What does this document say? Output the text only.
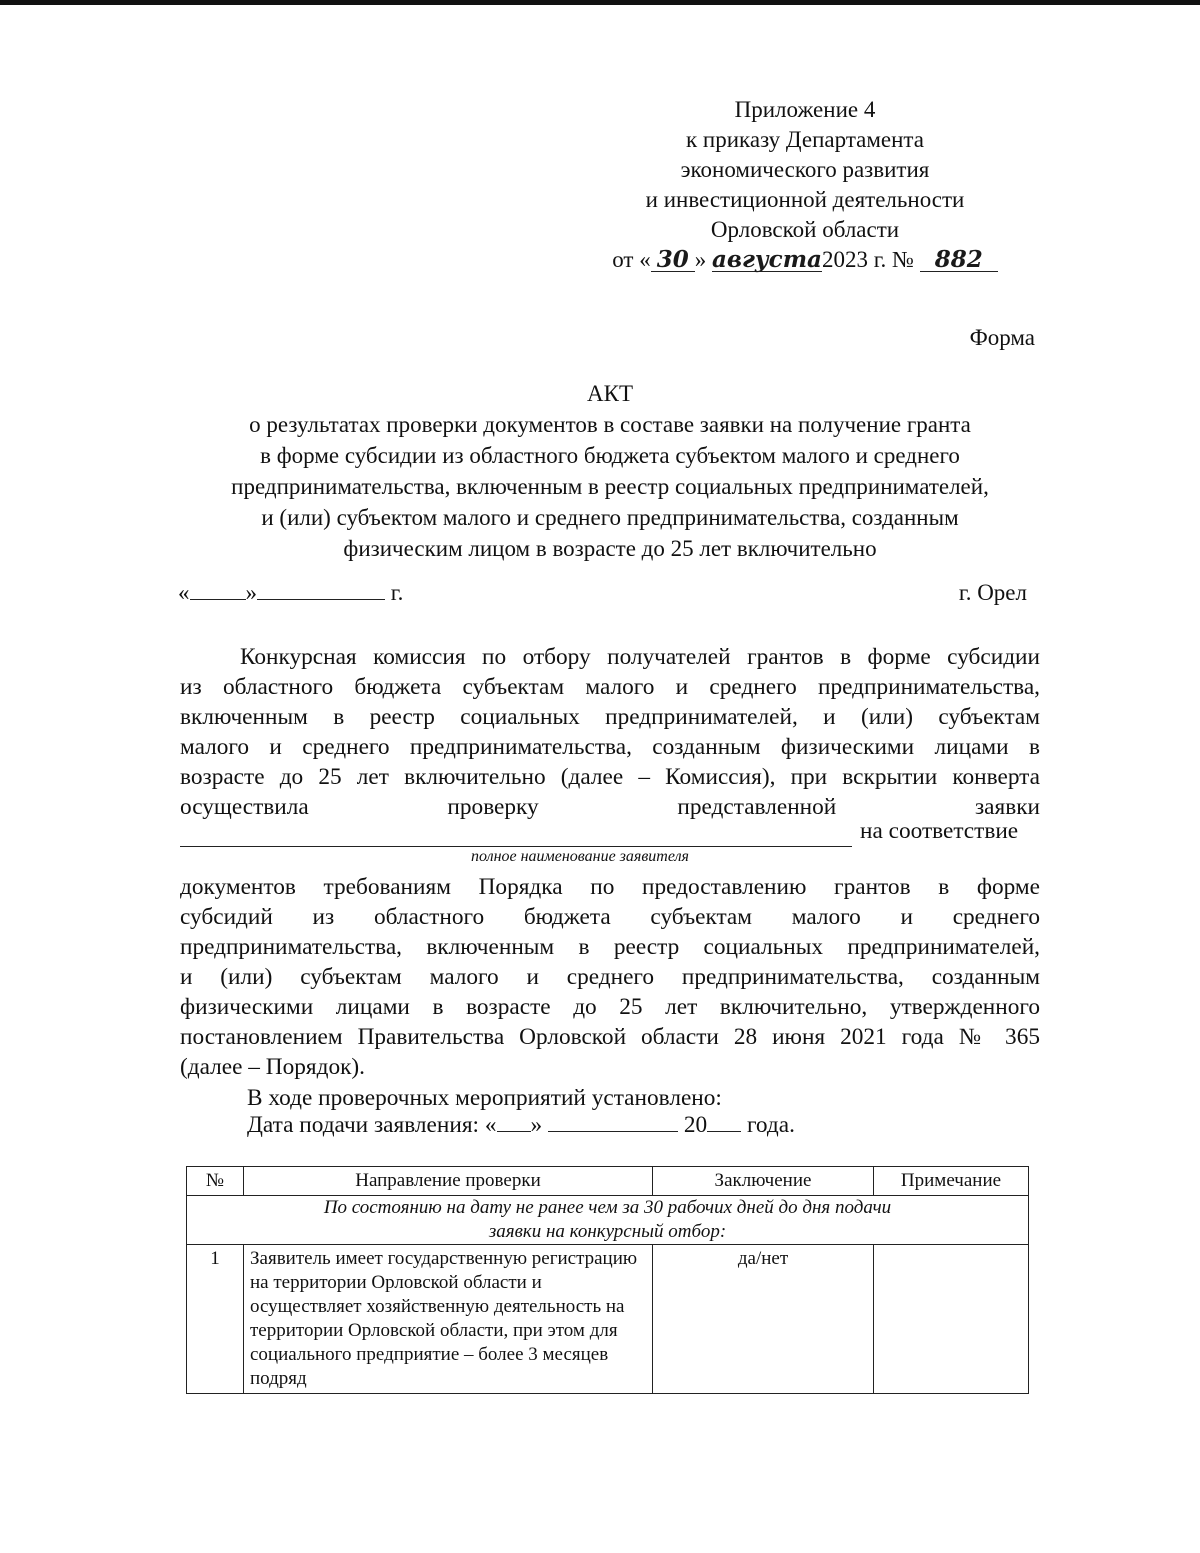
Приложение 4
к приказу Департамента
экономического развития
и инвестиционной деятельности
Орловской области
от « 30 » августа2023 г. № 882
Форма
АКТ
о результатах проверки документов в составе заявки на получение гранта
в форме субсидии из областного бюджета субъектом малого и среднего
предпринимательства, включенным в реестр социальных предпринимателей,
и (или) субъектом малого и среднего предпринимательства, созданным
физическим лицом в возрасте до 25 лет включительно
« »	г.	г. Орел
Конкурсная комиссия по отбору получателей грантов в форме субсидии
из областного бюджета субъектам малого и среднего предпринимательства,
включенным в реестр социальных предпринимателей, и (или) субъектам
малого и среднего предпринимательства, созданным физическими лицами в
возрасте до 25 лет включительно (далее – Комиссия), при вскрытии конверта
осуществила проверку представленной заявки
на соответствие
полное наименование заявителя
документов требованиям Порядка по предоставлению грантов в форме
субсидий из областного бюджета субъектам малого и среднего
предпринимательства, включенным в реестр социальных предпринимателей,
и (или) субъектам малого и среднего предпринимательства, созданным
физическими лицами в возрасте до 25 лет включительно, утвержденного
постановлением Правительства Орловской области 28 июня 2021 года № 365
(далее – Порядок).
В ходе проверочных мероприятий установлено:
Дата подачи заявления: « »	20 года.
№	Направление проверки	Заключение	Примечание
По состоянию на дату не ранее чем за 30 рабочих дней до дня подачи заявки на конкурсный отбор:			
1	Заявитель имеет государственную регистрацию на территории Орловской области и осуществляет хозяйственную деятельность на территории Орловской области, при этом для социального предприятие – более 3 месяцев подряд	да/нет	
